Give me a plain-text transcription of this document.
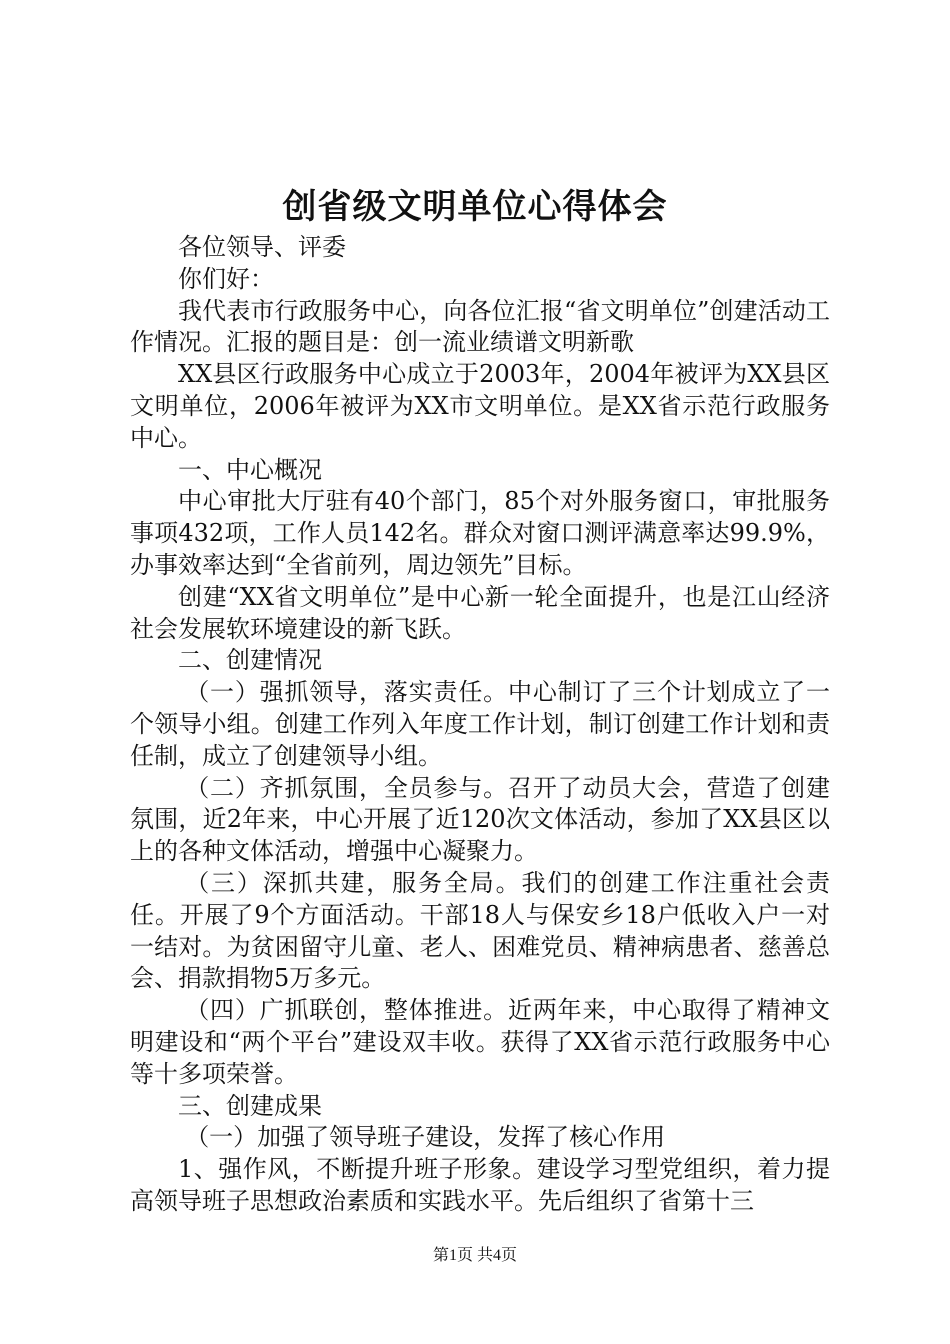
创省级文明单位心得体会

各位领导、评委

你们好：

我代表市行政服务中心，向各位汇报“省文明单位”创建活动工作情况。汇报的题目是：创一流业绩谱文明新歌

XX县区行政服务中心成立于2003年，2004年被评为XX县区文明单位，2006年被评为XX市文明单位。是XX省示范行政服务中心。

一、中心概况

中心审批大厅驻有40个部门，85个对外服务窗口，审批服务事项432项，工作人员142名。群众对窗口测评满意率达99.9%，办事效率达到“全省前列，周边领先”目标。

创建“XX省文明单位”是中心新一轮全面提升，也是江山经济社会发展软环境建设的新飞跃。

二、创建情况

（一）强抓领导，落实责任。中心制订了三个计划成立了一个领导小组。创建工作列入年度工作计划，制订创建工作计划和责任制，成立了创建领导小组。

（二）齐抓氛围，全员参与。召开了动员大会，营造了创建氛围，近2年来，中心开展了近120次文体活动，参加了XX县区以上的各种文体活动，增强中心凝聚力。

（三）深抓共建，服务全局。我们的创建工作注重社会责任。开展了9个方面活动。干部18人与保安乡18户低收入户一对一结对。为贫困留守儿童、老人、困难党员、精神病患者、慈善总会、捐款捐物5万多元。

（四）广抓联创，整体推进。近两年来，中心取得了精神文明建设和“两个平台”建设双丰收。获得了XX省示范行政服务中心等十多项荣誉。

三、创建成果

（一）加强了领导班子建设，发挥了核心作用

1、强作风，不断提升班子形象。建设学习型党组织，着力提高领导班子思想政治素质和实践水平。先后组织了省第十三

第1页 共4页
